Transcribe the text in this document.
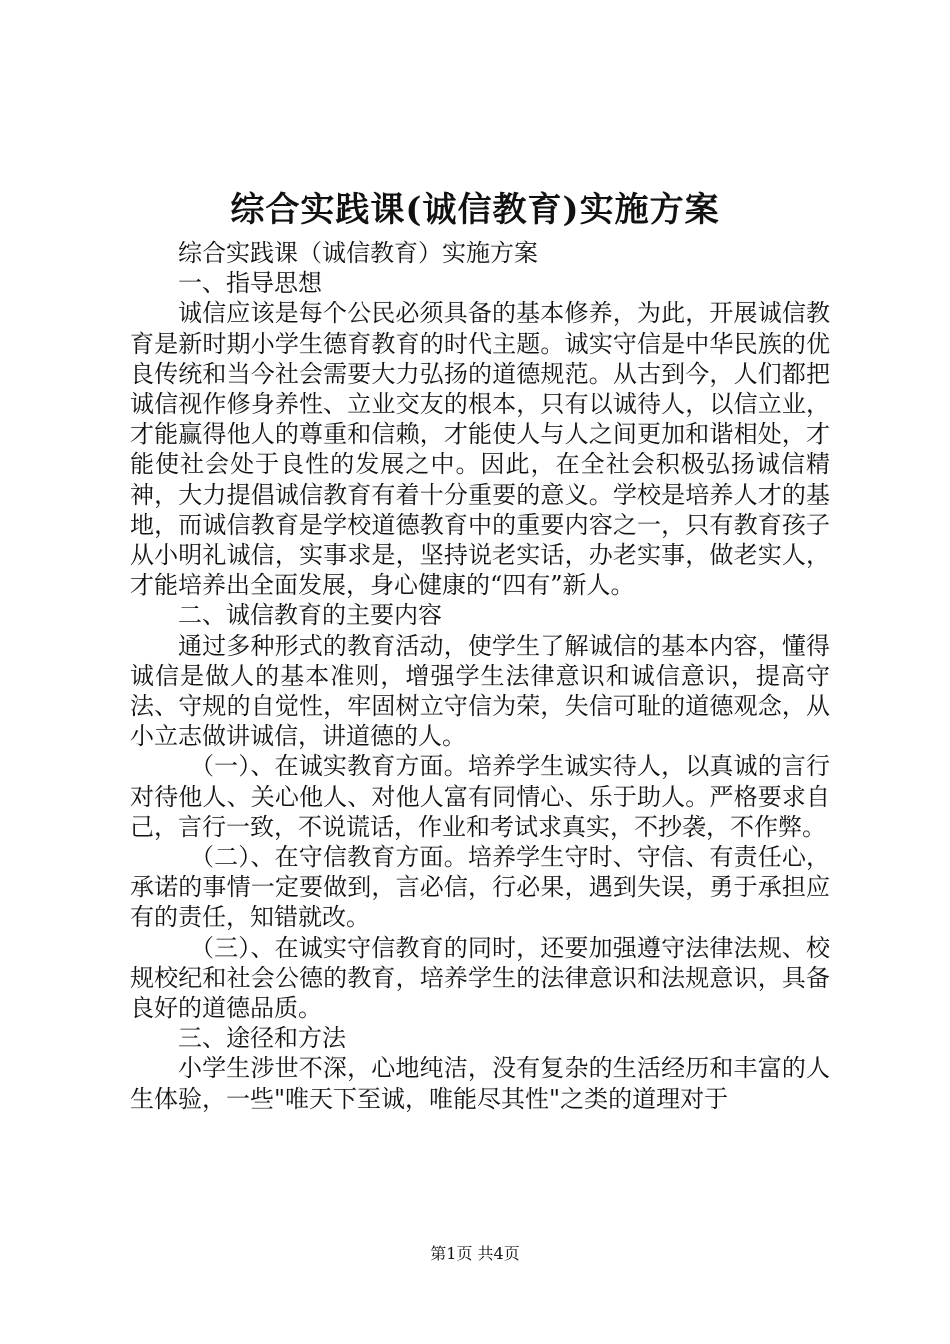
综合实践课(诚信教育)实施方案

综合实践课（诚信教育）实施方案

一、指导思想

诚信应该是每个公民必须具备的基本修养，为此，开展诚信教育是新时期小学生德育教育的时代主题。诚实守信是中华民族的优良传统和当今社会需要大力弘扬的道德规范。从古到今，人们都把诚信视作修身养性、立业交友的根本，只有以诚待人，以信立业，才能赢得他人的尊重和信赖，才能使人与人之间更加和谐相处，才能使社会处于良性的发展之中。因此，在全社会积极弘扬诚信精神，大力提倡诚信教育有着十分重要的意义。学校是培养人才的基地，而诚信教育是学校道德教育中的重要内容之一，只有教育孩子从小明礼诚信，实事求是，坚持说老实话，办老实事，做老实人，才能培养出全面发展，身心健康的“四有”新人。

二、诚信教育的主要内容

通过多种形式的教育活动，使学生了解诚信的基本内容，懂得诚信是做人的基本准则，增强学生法律意识和诚信意识，提高守法、守规的自觉性，牢固树立守信为荣，失信可耻的道德观念，从小立志做讲诚信，讲道德的人。

（一）、在诚实教育方面。培养学生诚实待人，以真诚的言行对待他人、关心他人、对他人富有同情心、乐于助人。严格要求自己，言行一致，不说谎话，作业和考试求真实，不抄袭，不作弊。

（二）、在守信教育方面。培养学生守时、守信、有责任心，承诺的事情一定要做到，言必信，行必果，遇到失误，勇于承担应有的责任，知错就改。

（三）、在诚实守信教育的同时，还要加强遵守法律法规、校规校纪和社会公德的教育，培养学生的法律意识和法规意识，具备良好的道德品质。

三、途径和方法

小学生涉世不深，心地纯洁，没有复杂的生活经历和丰富的人生体验，一些"唯天下至诚，唯能尽其性"之类的道理对于

第1页 共4页
